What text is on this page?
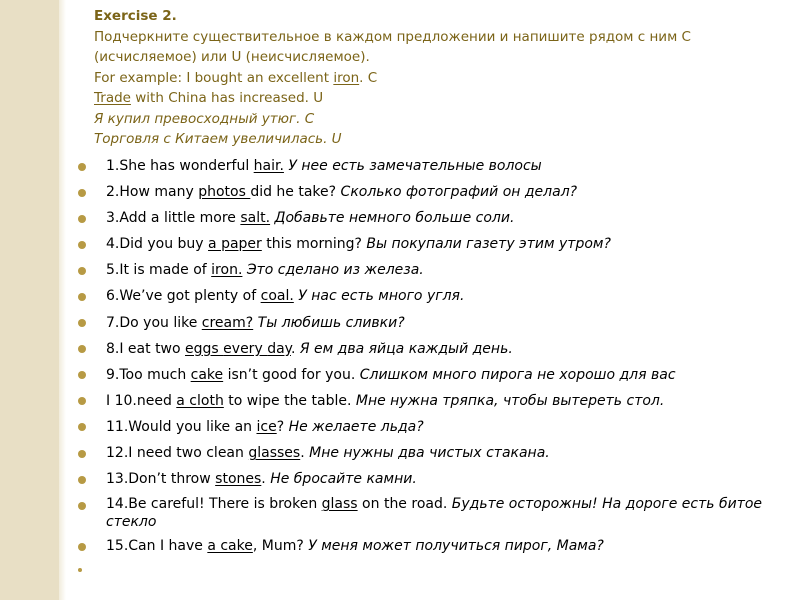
Exercise 2.
Подчеркните существительное в каждом предложении и напишите рядом с ним C
(исчисляемое) или U (неисчисляемое).
For example: I bought an excellent iron. C
Trade with China has increased. U
Я купил превосходный утюг. С
Торговля с Китаем увеличилась. U
1.She has wonderful hair. У нее есть замечательные волосы
2.How many photos did he take? Сколько фотографий он делал?
3.Add a little more salt. Добавьте немного больше соли.
4.Did you buy a paper this morning? Вы покупали газету этим утром?
5.It is made of iron. Это сделано из железа.
6.We’ve got plenty of coal. У нас есть много угля.
7.Do you like cream? Ты любишь сливки?
8.I eat two eggs every day. Я ем два яйца каждый день.
9.Too much cake isn’t good for you. Слишком много пирога не хорошо для вас
I 10.need a cloth to wipe the table. Мне нужна тряпка, чтобы вытереть стол.
11.Would you like an ice? Не желаете льда?
12.I need two clean glasses. Мне нужны два чистых стакана.
13.Don’t throw stones. Не бросайте камни.
14.Be careful! There is broken glass on the road. Будьте осторожны! На дороге есть битое стекло
15.Can I have a cake, Mum? У меня может получиться пирог, Мама?
